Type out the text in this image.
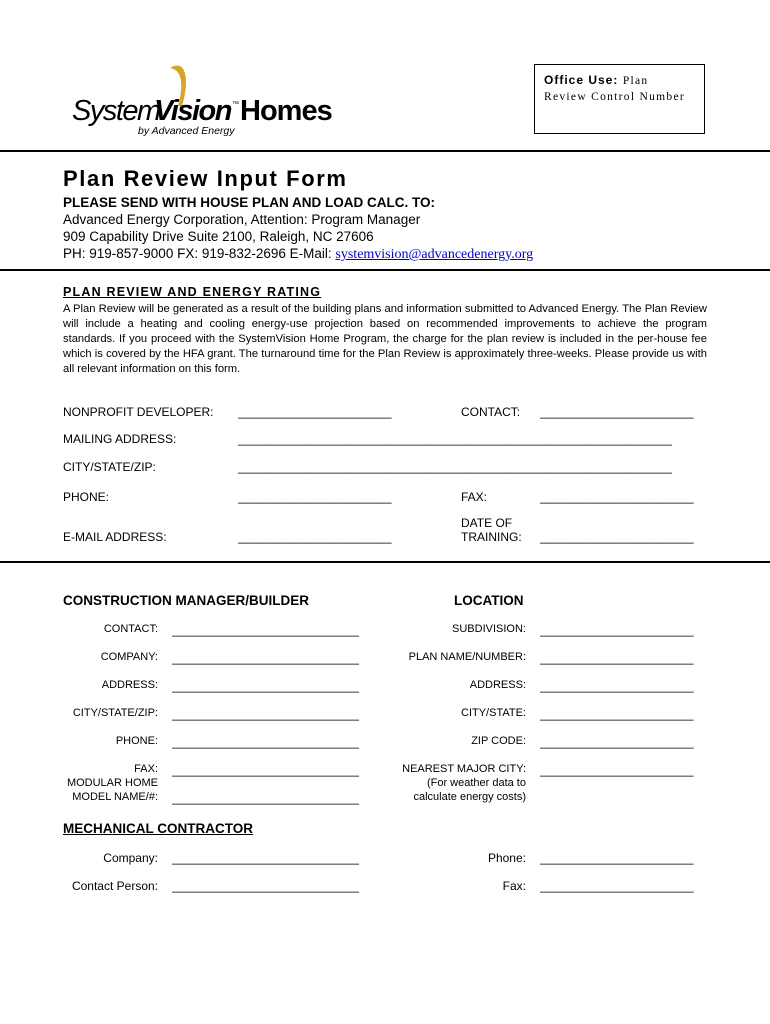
System
Vision ™ Homes
by Advanced Energy
Office Use: Plan
Review Control Number
Plan Review Input Form
PLEASE SEND WITH HOUSE PLAN AND LOAD CALC. TO:
Advanced Energy Corporation, Attention: Program Manager
909 Capability Drive Suite 2100, Raleigh, NC 27606
PH: 919-857-9000 FX: 919-832-2696 E-Mail: systemvision@advancedenergy.org
PLAN REVIEW AND ENERGY RATING
A Plan Review will be generated as a result of the building plans and information submitted to Advanced Energy. The Plan Review will include a heating and cooling energy-use projection based on recommended improvements to achieve the program standards. If you proceed with the SystemVision Home Program, the charge for the plan review is included in the per-house fee which is covered by the HFA grant. The turnaround time for the Plan Review is approximately three-weeks. Please provide us with all relevant information on this form.
NONPROFIT DEVELOPER: _______________________	CONTACT: _______________________
MAILING ADDRESS:	_________________________________________________________________
CITY/STATE/ZIP:	_________________________________________________________________
PHONE:	_______________________	FAX:	_______________________
DATE OF
E-MAIL ADDRESS:	_______________________	TRAINING: _______________________
CONSTRUCTION MANAGER/BUILDER	LOCATION
CONTACT: ____________________________	SUBDIVISION: _______________________
COMPANY: ____________________________	PLAN NAME/NUMBER: _______________________
ADDRESS: ____________________________	ADDRESS: _______________________
CITY/STATE/ZIP: ____________________________	CITY/STATE: _______________________
PHONE: ____________________________	ZIP CODE: _______________________
FAX: ____________________________	NEAREST MAJOR CITY: _______________________
MODULAR HOME	(For weather data to
MODEL NAME/#: ____________________________	calculate energy costs)
MECHANICAL CONTRACTOR
Company: ____________________________	Phone: _______________________
Contact Person: ____________________________	Fax: _______________________
